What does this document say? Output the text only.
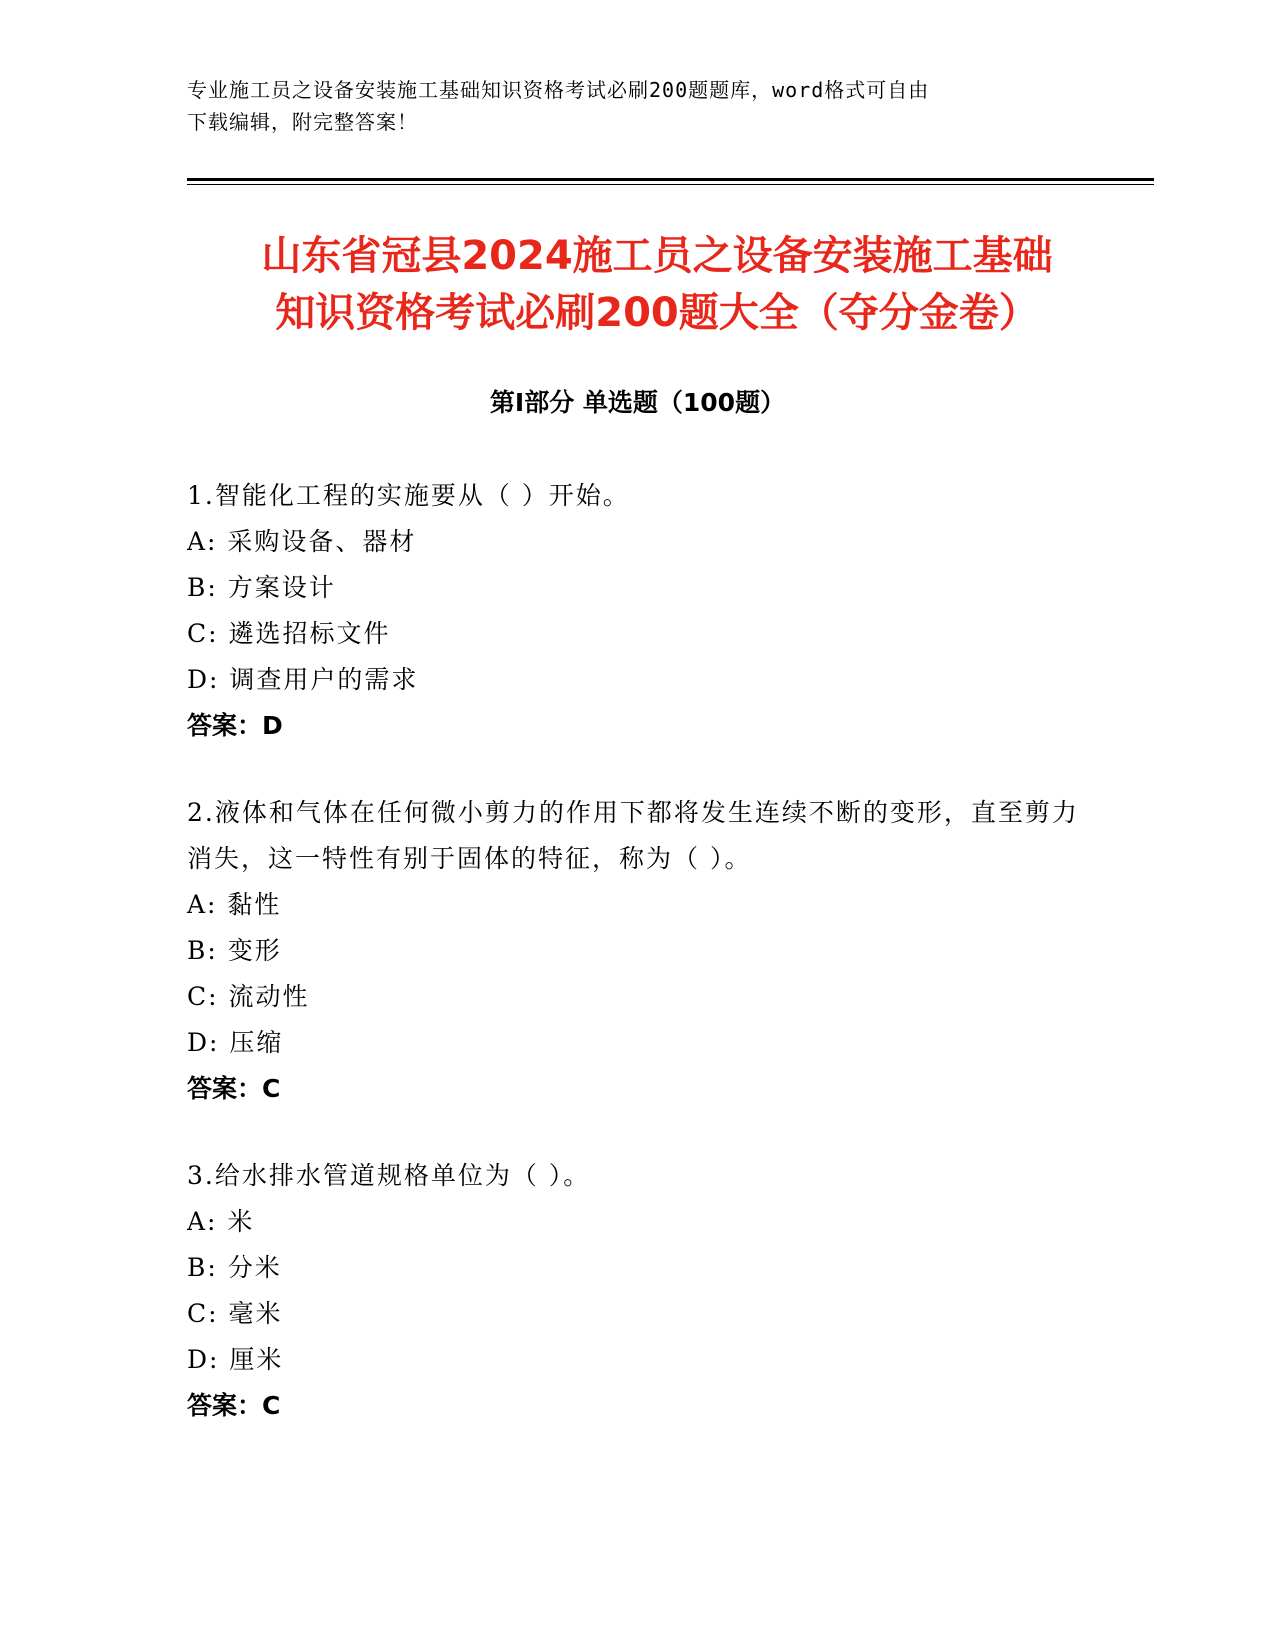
专业施工员之设备安装施工基础知识资格考试必刷200题题库，word格式可自由
下载编辑，附完整答案！
山东省冠县2024施工员之设备安装施工基础
知识资格考试必刷200题大全（夺分金卷）
第Ⅰ部分 单选题（100题）

1.智能化工程的实施要从（ ）开始。

A: 采购设备、器材

B: 方案设计

C: 遴选招标文件

D: 调查用户的需求

答案：D

2.液体和气体在任何微小剪力的作用下都将发生连续不断的变形，直至剪力消失，这一特性有别于固体的特征，称为（ ）。

A: 黏性

B: 变形

C: 流动性

D: 压缩

答案：C

3.给水排水管道规格单位为（ ）。

A: 米

B: 分米

C: 毫米

D: 厘米

答案：C
